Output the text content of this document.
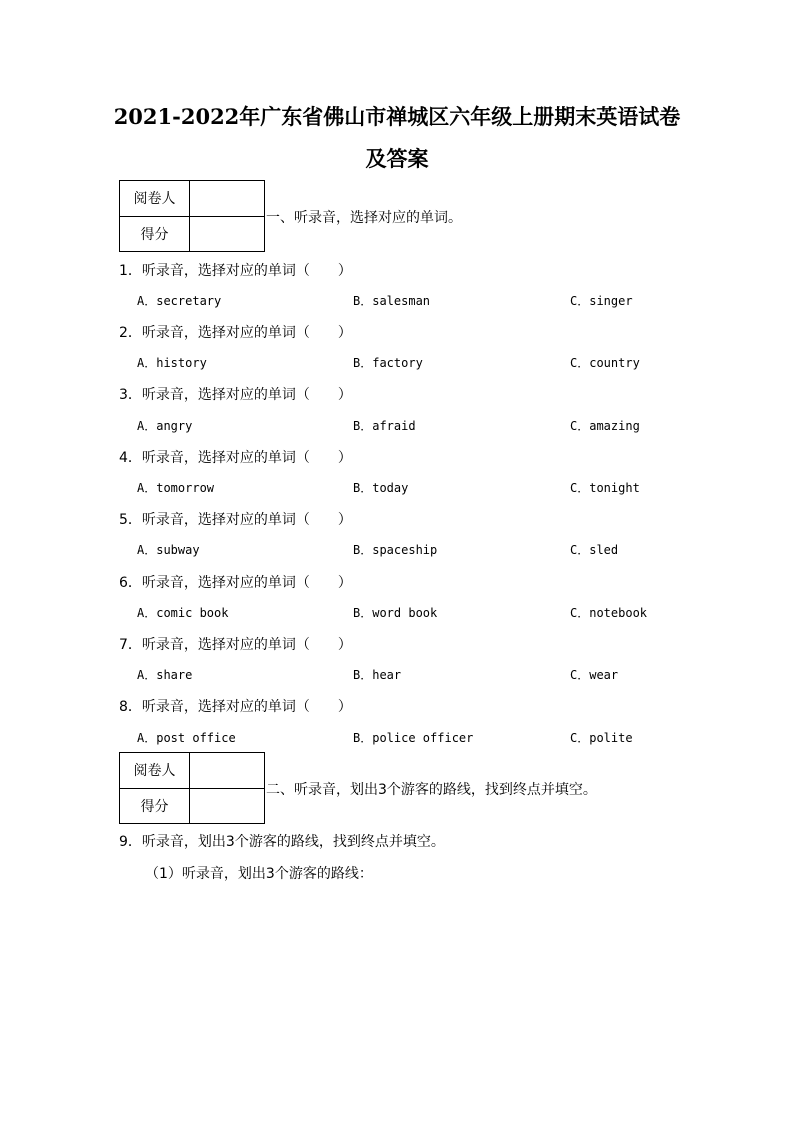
2021-2022年广东省佛山市禅城区六年级上册期末英语试卷
及答案
阅卷人	
得分	
一、听录音，选择对应的单词。
1．听录音，选择对应的单词（　　）
A．secretary	B．salesman	C．singer
2．听录音，选择对应的单词（　　）
A．history	B．factory	C．country
3．听录音，选择对应的单词（　　）
A．angry	B．afraid	C．amazing
4．听录音，选择对应的单词（　　）
A．tomorrow	B．today	C．tonight
5．听录音，选择对应的单词（　　）
A．subway	B．spaceship	C．sled
6．听录音，选择对应的单词（　　）
A．comic book	B．word book	C．notebook
7．听录音，选择对应的单词（　　）
A．share	B．hear	C．wear
8．听录音，选择对应的单词（　　）
A．post office	B．police officer	C．polite
阅卷人	
得分	
二、听录音，划出3个游客的路线，找到终点并填空。
9．听录音，划出3个游客的路线，找到终点并填空。
（1）听录音，划出3个游客的路线：
